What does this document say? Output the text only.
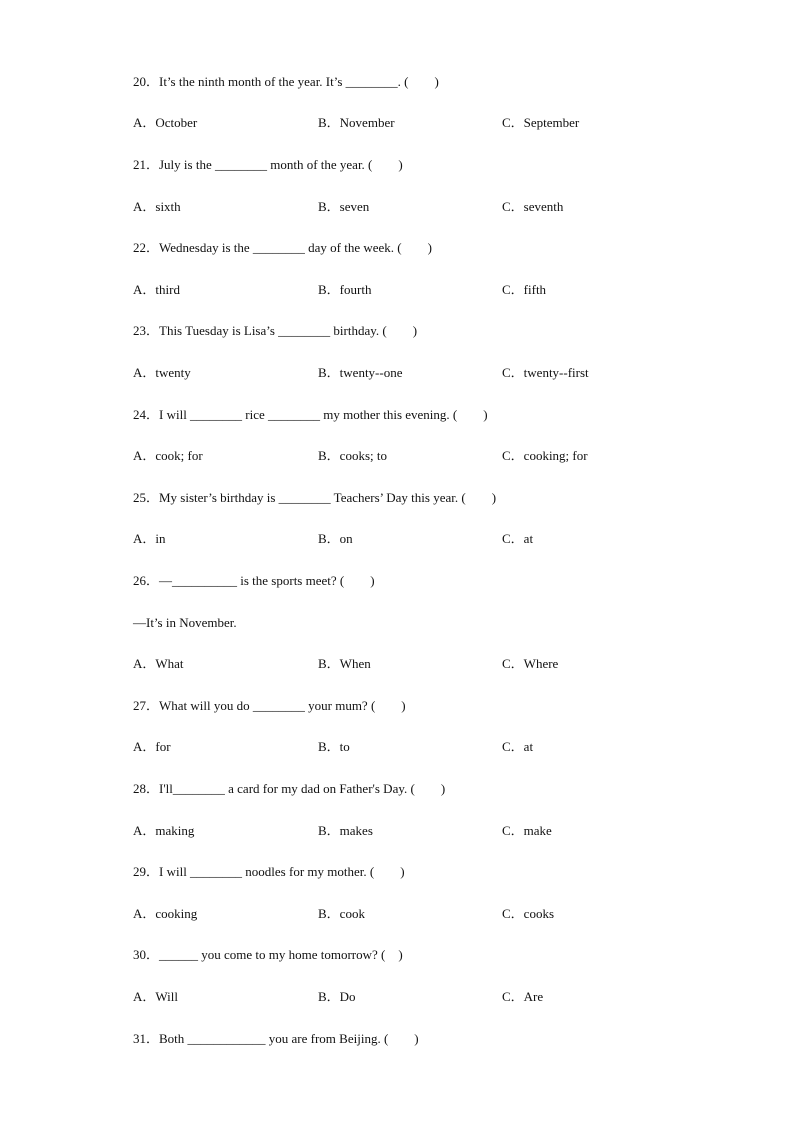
20．It’s the ninth month of the year. It’s ________. (　　)
A．October	B．November	C．September
21．July is the ________ month of the year. (　　)
A．sixth	B．seven	C．seventh
22．Wednesday is the ________ day of the week. (　　)
A．third	B．fourth	C．fifth
23．This Tuesday is Lisa’s ________ birthday. (　　)
A．twenty	B．twenty--one	C．twenty--first
24．I will ________ rice ________ my mother this evening. (　　)
A．cook; for	B．cooks; to	C．cooking; for
25．My sister’s birthday is ________ Teachers’ Day this year. (　　)
A．in	B．on	C．at
26．—__________ is the sports meet? (　　)
—It’s in November.
A．What	B．When	C．Where
27．What will you do ________ your mum? (　　)
A．for	B．to	C．at
28．I'll________ a card for my dad on Father's Day. (　　)
A．making	B．makes	C．make
29．I will ________ noodles for my mother. (　　)
A．cooking	B．cook	C．cooks
30．______ you come to my home tomorrow? (　)
A．Will	B．Do	C．Are
31．Both ____________ you are from Beijing. (　　)
